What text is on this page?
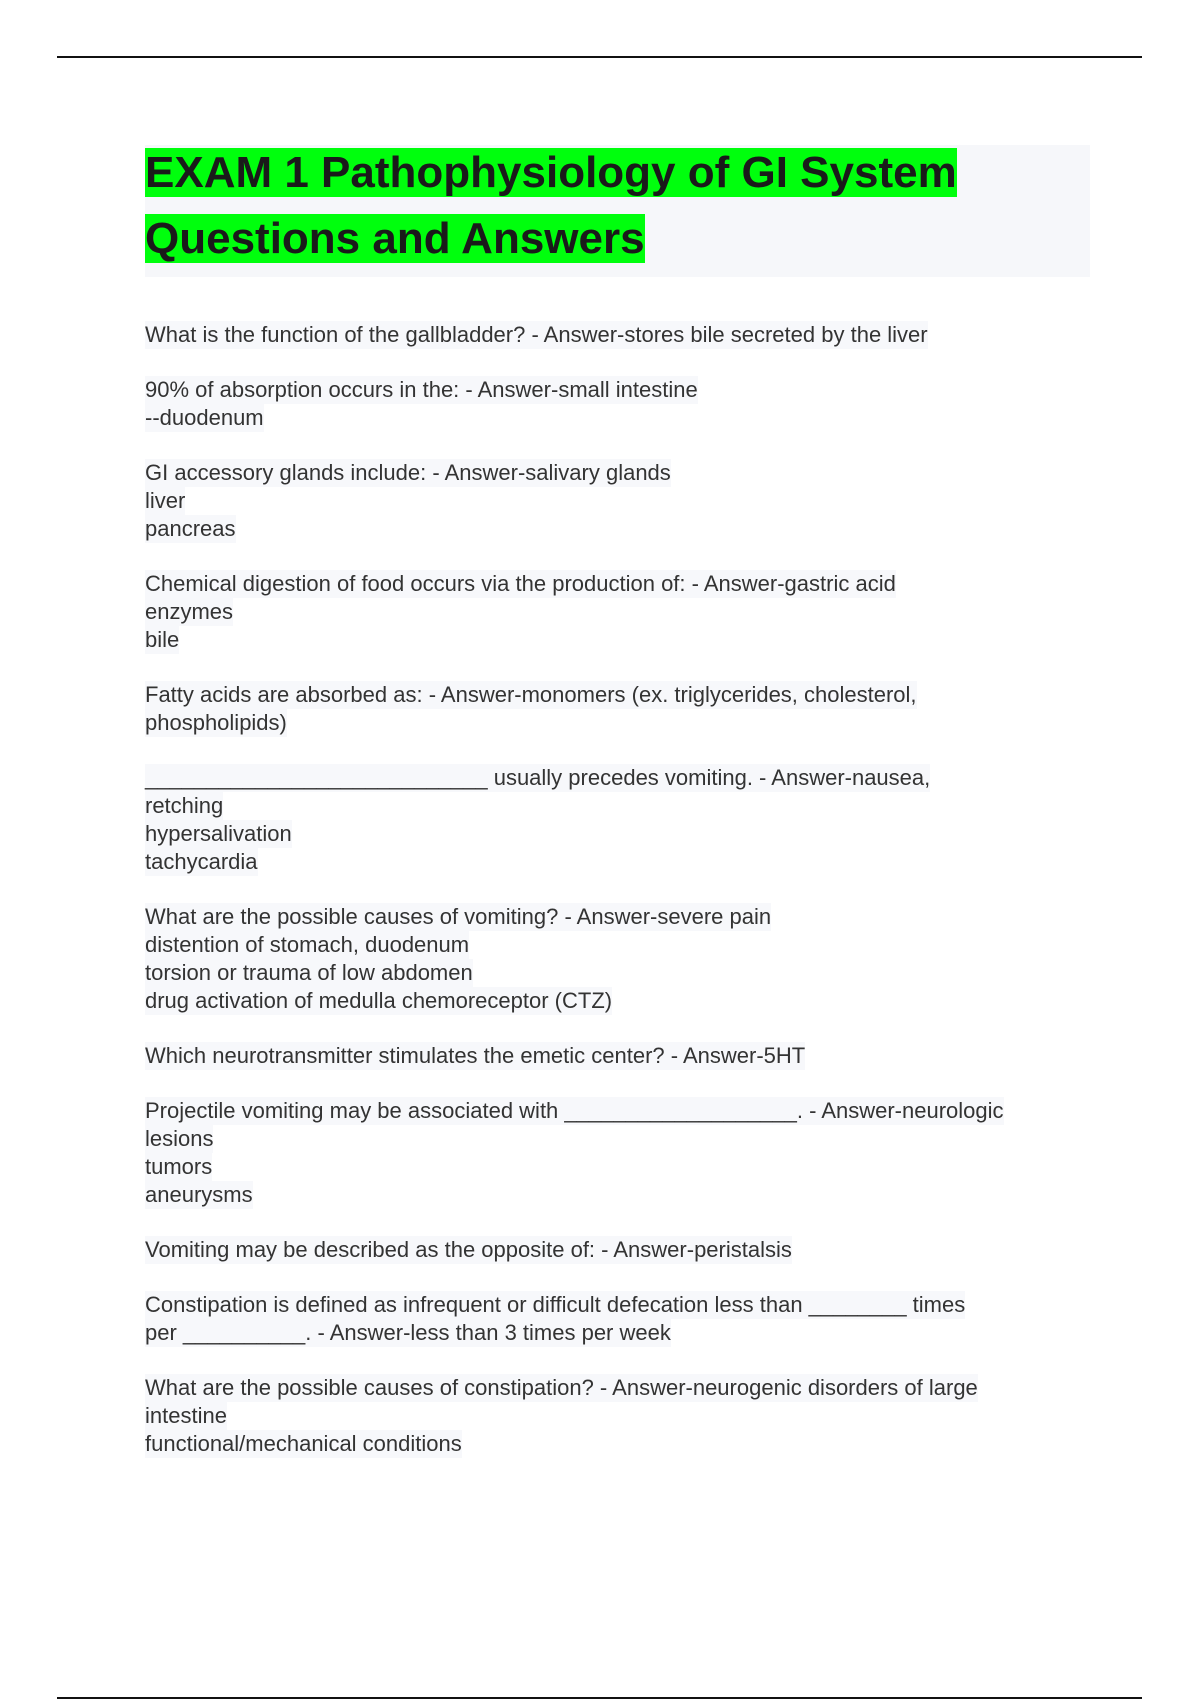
EXAM 1 Pathophysiology of GI System
Questions and Answers
What is the function of the gallbladder? - Answer-stores bile secreted by the liver
90% of absorption occurs in the: - Answer-small intestine
--duodenum
GI accessory glands include: - Answer-salivary glands
liver
pancreas
Chemical digestion of food occurs via the production of: - Answer-gastric acid
enzymes
bile
Fatty acids are absorbed as: - Answer-monomers (ex. triglycerides, cholesterol,
phospholipids)
____________________________ usually precedes vomiting. - Answer-nausea,
retching
hypersalivation
tachycardia
What are the possible causes of vomiting? - Answer-severe pain
distention of stomach, duodenum
torsion or trauma of low abdomen
drug activation of medulla chemoreceptor (CTZ)
Which neurotransmitter stimulates the emetic center? - Answer-5HT
Projectile vomiting may be associated with ___________________. - Answer-neurologic
lesions
tumors
aneurysms
Vomiting may be described as the opposite of: - Answer-peristalsis
Constipation is defined as infrequent or difficult defecation less than ________ times
per __________. - Answer-less than 3 times per week
What are the possible causes of constipation? - Answer-neurogenic disorders of large
intestine
functional/mechanical conditions
